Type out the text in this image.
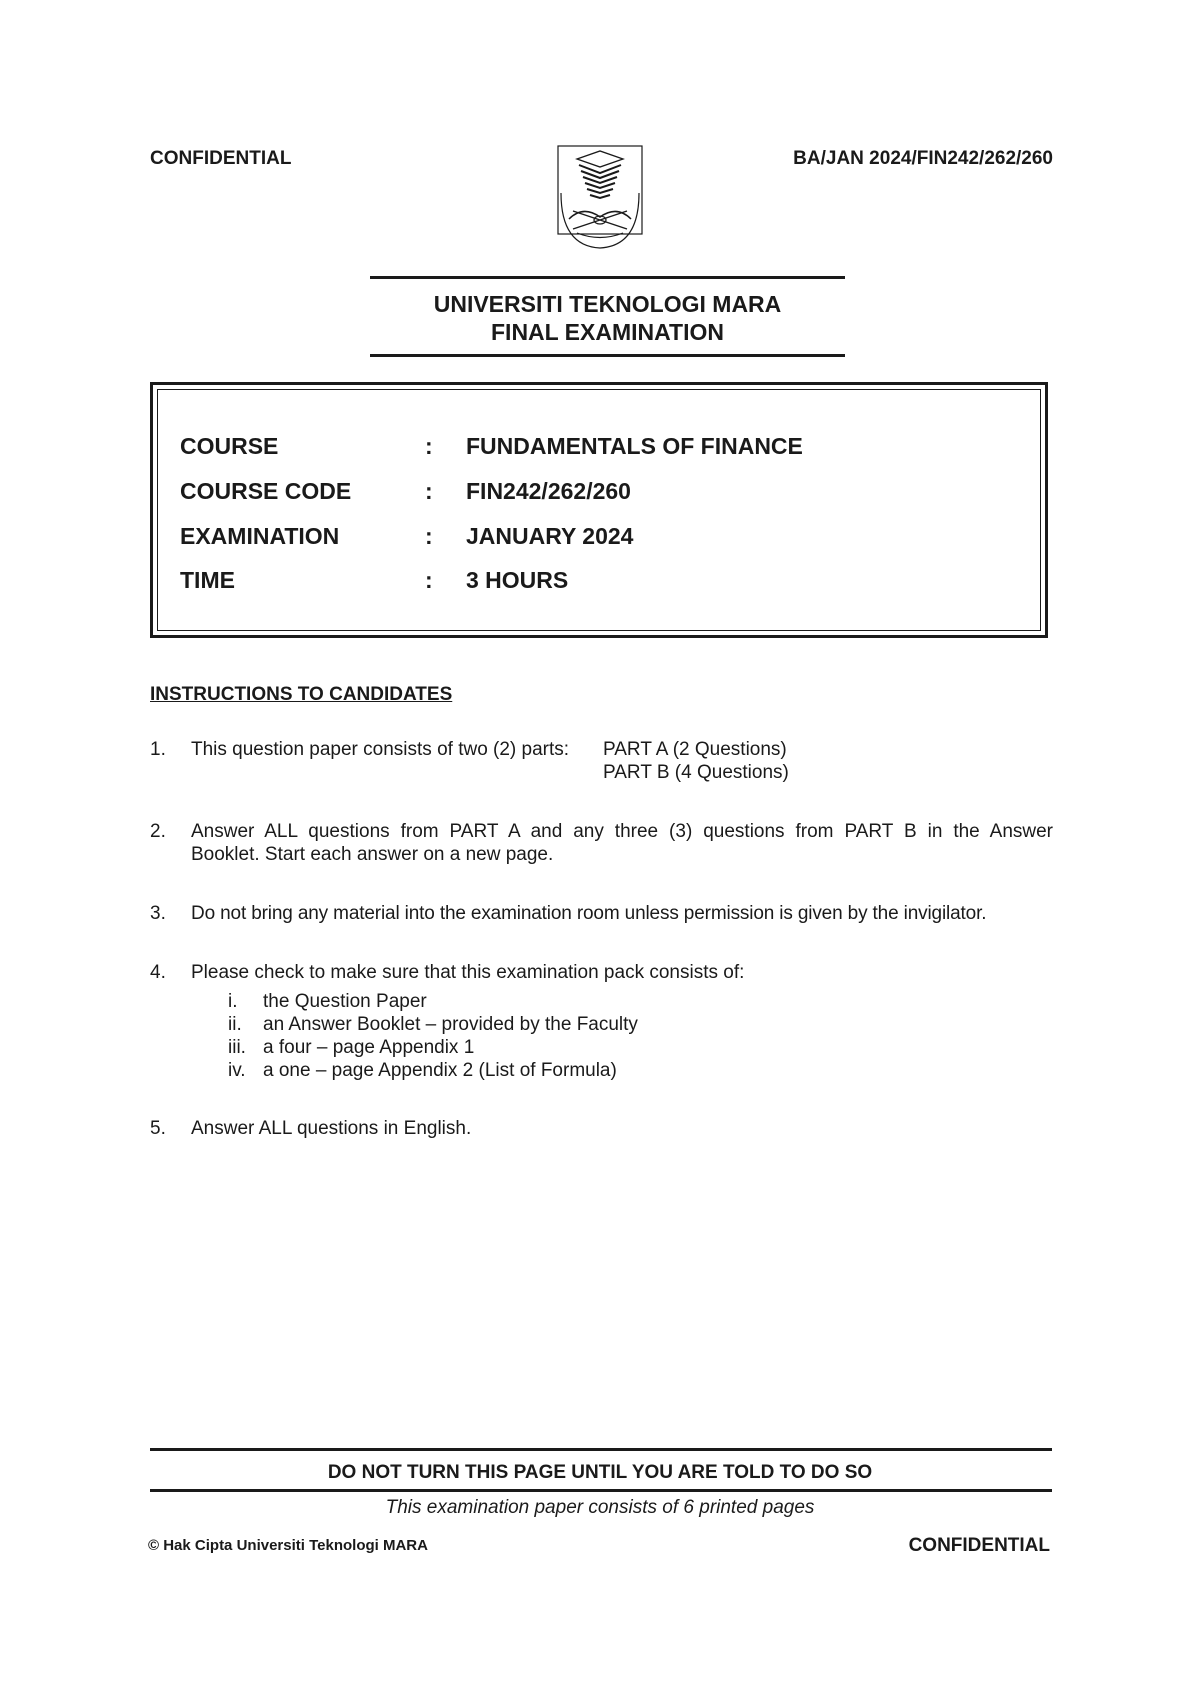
CONFIDENTIAL	BA/JAN 2024/FIN242/262/260
UNIVERSITI TEKNOLOGI MARA
FINAL EXAMINATION
COURSE	: FUNDAMENTALS OF FINANCE
COURSE CODE	: FIN242/262/260
EXAMINATION	: JANUARY 2024
TIME	: 3 HOURS
INSTRUCTIONS TO CANDIDATES
1. This question paper consists of two (2) parts: PART A (2 Questions)
PART B (4 Questions)
2. Answer ALL questions from PART A and any three (3) questions from PART B in the Answer
Booklet. Start each answer on a new page.
3. Do not bring any material into the examination room unless permission is given by the invigilator.
4. Please check to make sure that this examination pack consists of:
i. the Question Paper
ii. an Answer Booklet – provided by the Faculty
iii. a four – page Appendix 1
iv. a one – page Appendix 2 (List of Formula)
5. Answer ALL questions in English.
DO NOT TURN THIS PAGE UNTIL YOU ARE TOLD TO DO SO
This examination paper consists of 6 printed pages
© Hak Cipta Universiti Teknologi MARA	CONFIDENTIAL
